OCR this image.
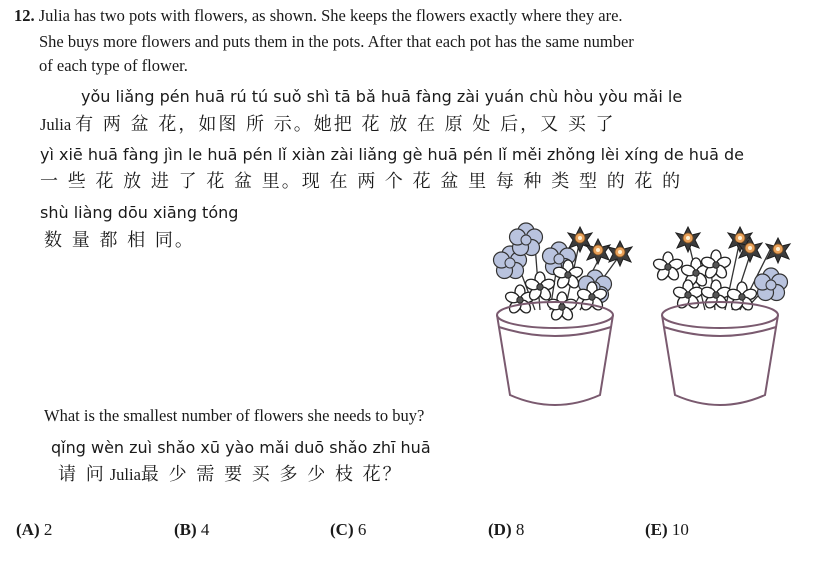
12. Julia has two pots with flowers, as shown. She keeps the flowers exactly where they are.
She buys more flowers and puts them in the pots. After that each pot has the same number
of each type of flower.
yǒu liǎng pén huā rú tú suǒ shì tā bǎ huā fàng zài yuán chù hòu yòu mǎi le
Julia 有 两 盆 花，如图 所 示。她把 花 放 在 原 处 后，又 买 了
yì xiē huā fàng jìn le huā pén lǐ xiàn zài liǎng gè huā pén lǐ měi zhǒng lèi xíng de huā de
一 些 花 放 进 了 花 盆 里。现 在 两 个 花 盆 里 每 种 类 型 的 花 的
shù liàng dōu xiāng tóng
数 量 都 相 同。
What is the smallest number of flowers she needs to buy?
qǐng wèn zuì shǎo xū yào mǎi duō shǎo zhī huā
请 问 Julia最 少 需 要 买 多 少 枝 花？
(A) 2	(B) 4	(C) 6	(D) 8	(E) 10
